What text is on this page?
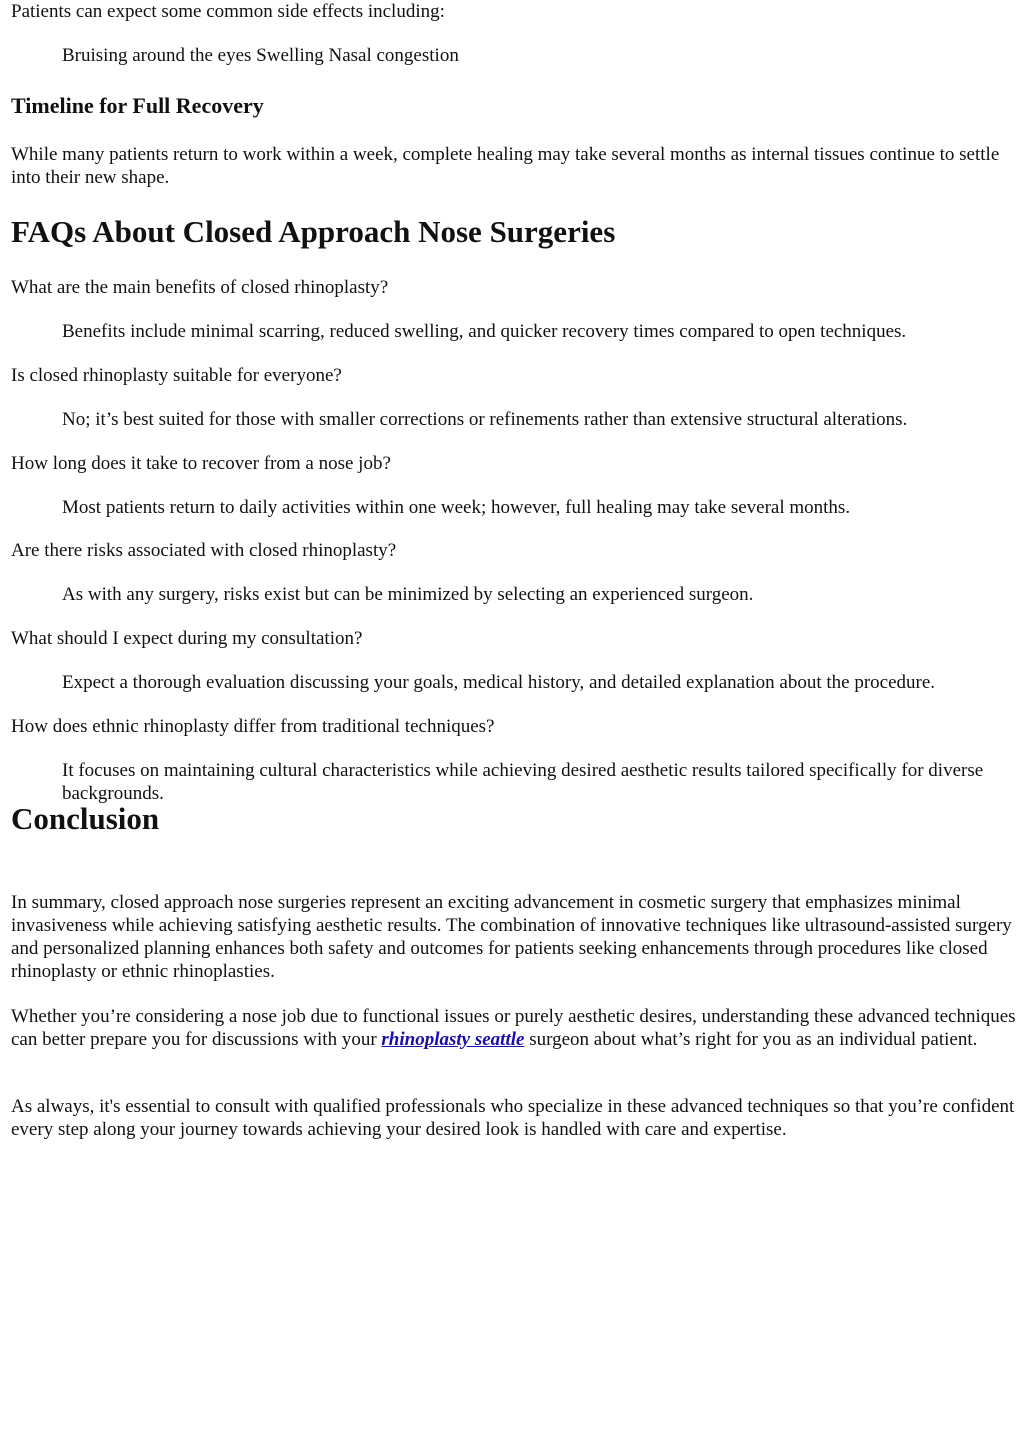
Patients can expect some common side effects including:

Bruising around the eyes Swelling Nasal congestion

Timeline for Full Recovery

While many patients return to work within a week, complete healing may take several months as internal tissues continue to settle into their new shape.

FAQs About Closed Approach Nose Surgeries

What are the main benefits of closed rhinoplasty?

Benefits include minimal scarring, reduced swelling, and quicker recovery times compared to open techniques.

Is closed rhinoplasty suitable for everyone?

No; it’s best suited for those with smaller corrections or refinements rather than extensive structural alterations.

How long does it take to recover from a nose job?

Most patients return to daily activities within one week; however, full healing may take several months.

Are there risks associated with closed rhinoplasty?

As with any surgery, risks exist but can be minimized by selecting an experienced surgeon.

What should I expect during my consultation?

Expect a thorough evaluation discussing your goals, medical history, and detailed explanation about the procedure.

How does ethnic rhinoplasty differ from traditional techniques?

It focuses on maintaining cultural characteristics while achieving desired aesthetic results tailored specifically for diverse backgrounds.

Conclusion

In summary, closed approach nose surgeries represent an exciting advancement in cosmetic surgery that emphasizes minimal invasiveness while achieving satisfying aesthetic results. The combination of innovative techniques like ultrasound-assisted surgery and personalized planning enhances both safety and outcomes for patients seeking enhancements through procedures like closed rhinoplasty or ethnic rhinoplasties.

Whether you’re considering a nose job due to functional issues or purely aesthetic desires, understanding these advanced techniques can better prepare you for discussions with your rhinoplasty seattle surgeon about what’s right for you as an individual patient.

As always, it's essential to consult with qualified professionals who specialize in these advanced techniques so that you’re confident every step along your journey towards achieving your desired look is handled with care and expertise.
